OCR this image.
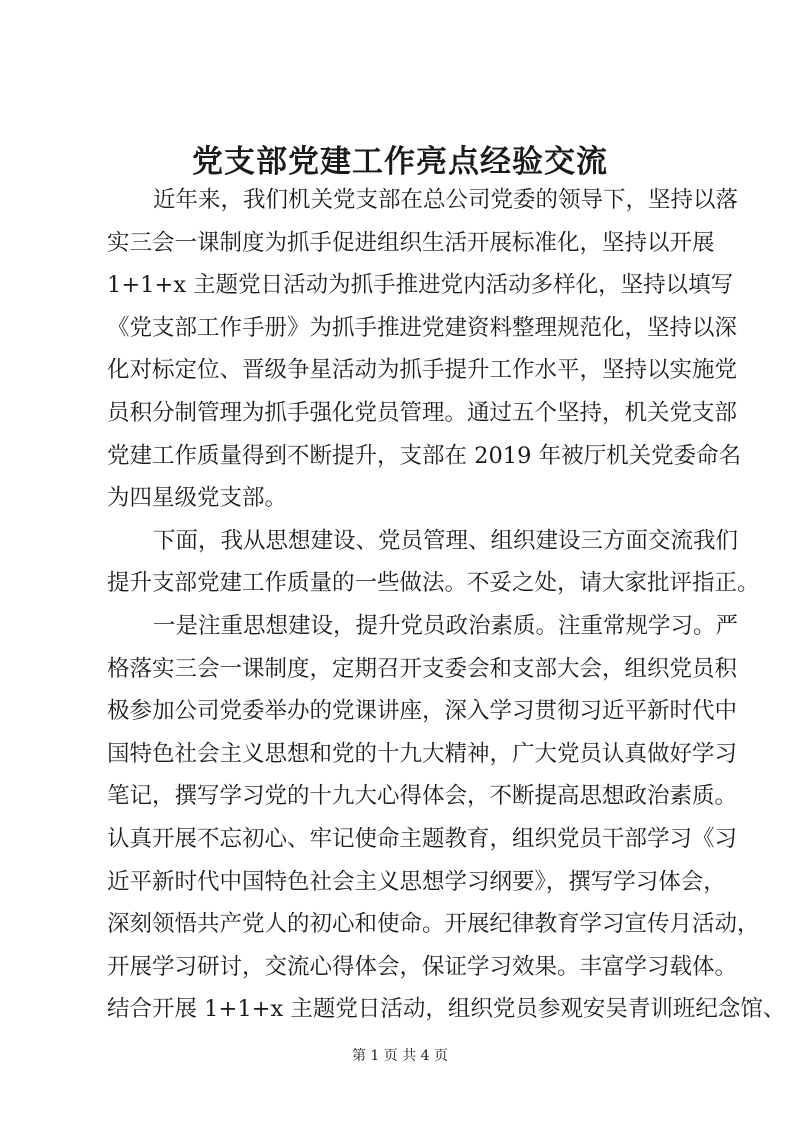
党支部党建工作亮点经验交流

近年来，我们机关党支部在总公司党委的领导下，坚持以落

实三会一课制度为抓手促进组织生活开展标准化，坚持以开展

1+1+x 主题党日活动为抓手推进党内活动多样化，坚持以填写

《党支部工作手册》为抓手推进党建资料整理规范化，坚持以深

化对标定位、晋级争星活动为抓手提升工作水平，坚持以实施党

员积分制管理为抓手强化党员管理。通过五个坚持，机关党支部

党建工作质量得到不断提升，支部在 2019 年被厅机关党委命名

为四星级党支部。

下面，我从思想建设、党员管理、组织建设三方面交流我们

提升支部党建工作质量的一些做法。不妥之处，请大家批评指正。

一是注重思想建设，提升党员政治素质。注重常规学习。严

格落实三会一课制度，定期召开支委会和支部大会，组织党员积

极参加公司党委举办的党课讲座，深入学习贯彻习近平新时代中

国特色社会主义思想和党的十九大精神，广大党员认真做好学习

笔记，撰写学习党的十九大心得体会，不断提高思想政治素质。

认真开展不忘初心、牢记使命主题教育，组织党员干部学习《习

近平新时代中国特色社会主义思想学习纲要》，撰写学习体会，

深刻领悟共产党人的初心和使命。开展纪律教育学习宣传月活动，

开展学习研讨，交流心得体会，保证学习效果。丰富学习载体。

第 1 页 共 4 页

结合开展 1+1+x 主题党日活动，组织党员参观安吴青训班纪念馆、
